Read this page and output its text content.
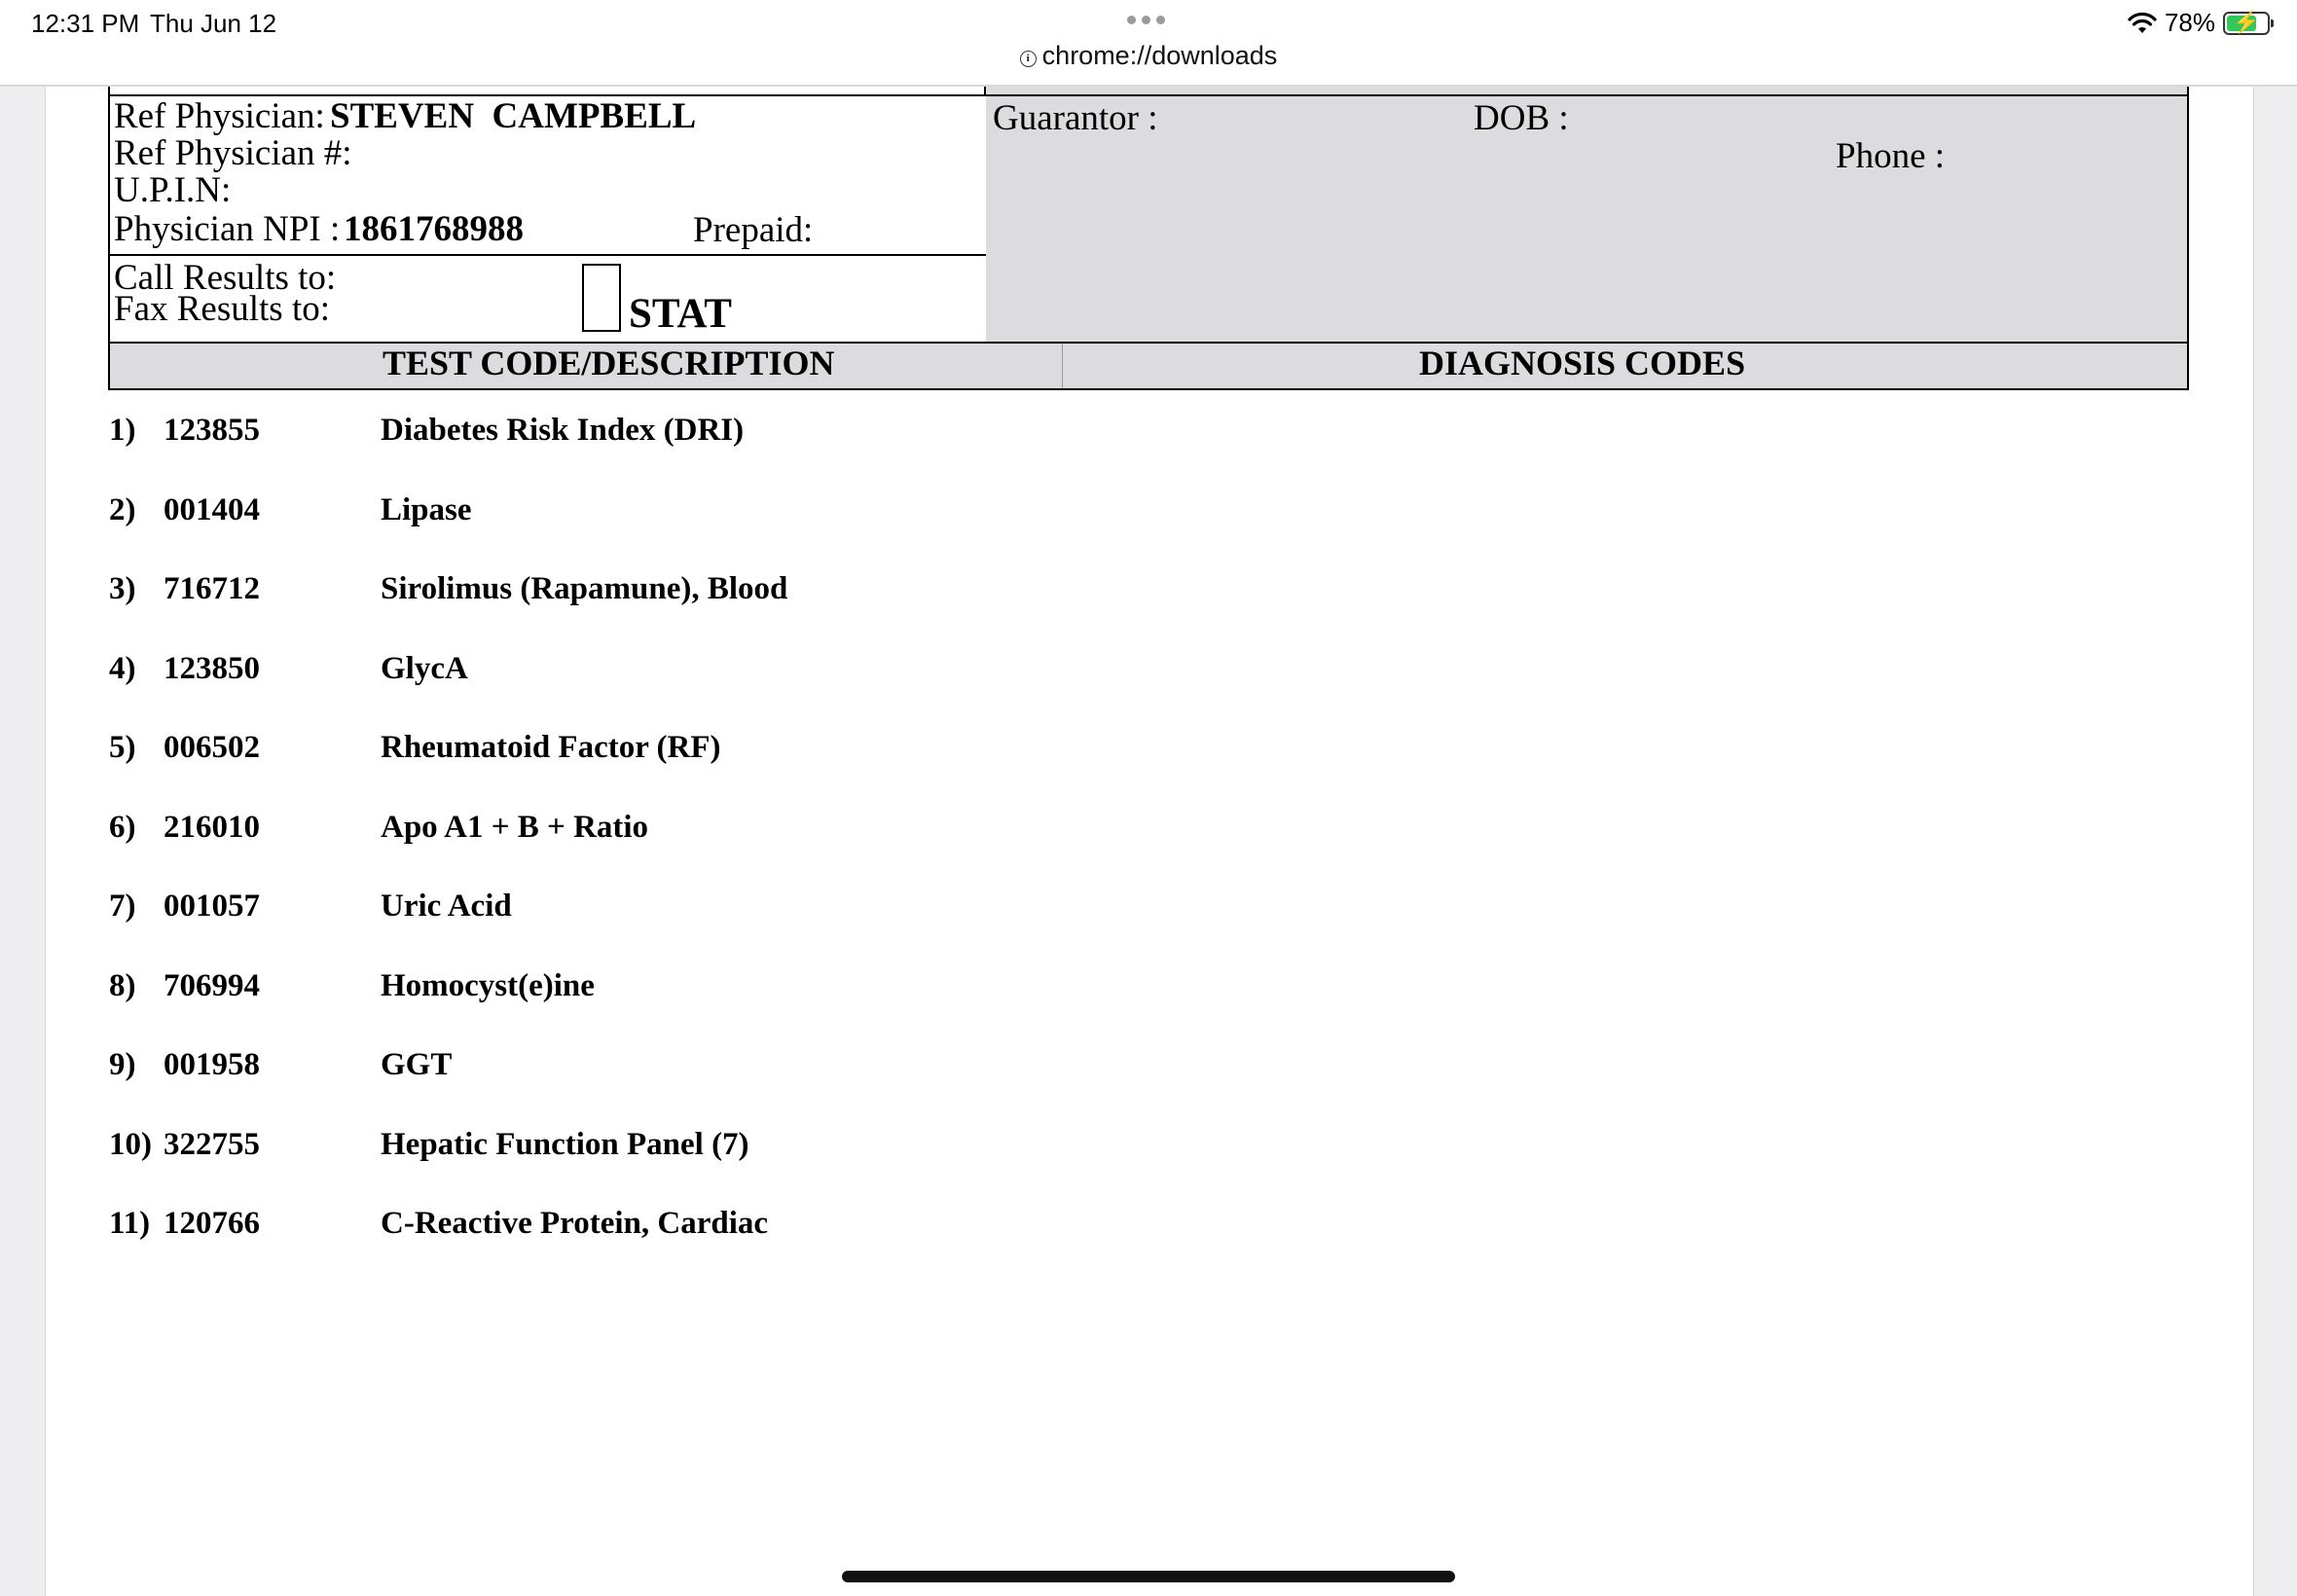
12:31 PM Thu Jun 12	78% ⚡
i chrome://downloads
Ref Physician: STEVEN  CAMPBELL
Ref Physician #:
U.P.I.N:
Physician NPI : 1861768988	Prepaid:
Guarantor :	DOB :
Phone :
Call Results to:
Fax Results to:	STAT
TEST CODE/DESCRIPTION	DIAGNOSIS CODES
1) 123855	Diabetes Risk Index (DRI)
2) 001404	Lipase
3) 716712	Sirolimus (Rapamune), Blood
4) 123850	GlycA
5) 006502	Rheumatoid Factor (RF)
6) 216010	Apo A1 + B + Ratio
7) 001057	Uric Acid
8) 706994	Homocyst(e)ine
9) 001958	GGT
10) 322755	Hepatic Function Panel (7)
11) 120766	C-Reactive Protein, Cardiac
